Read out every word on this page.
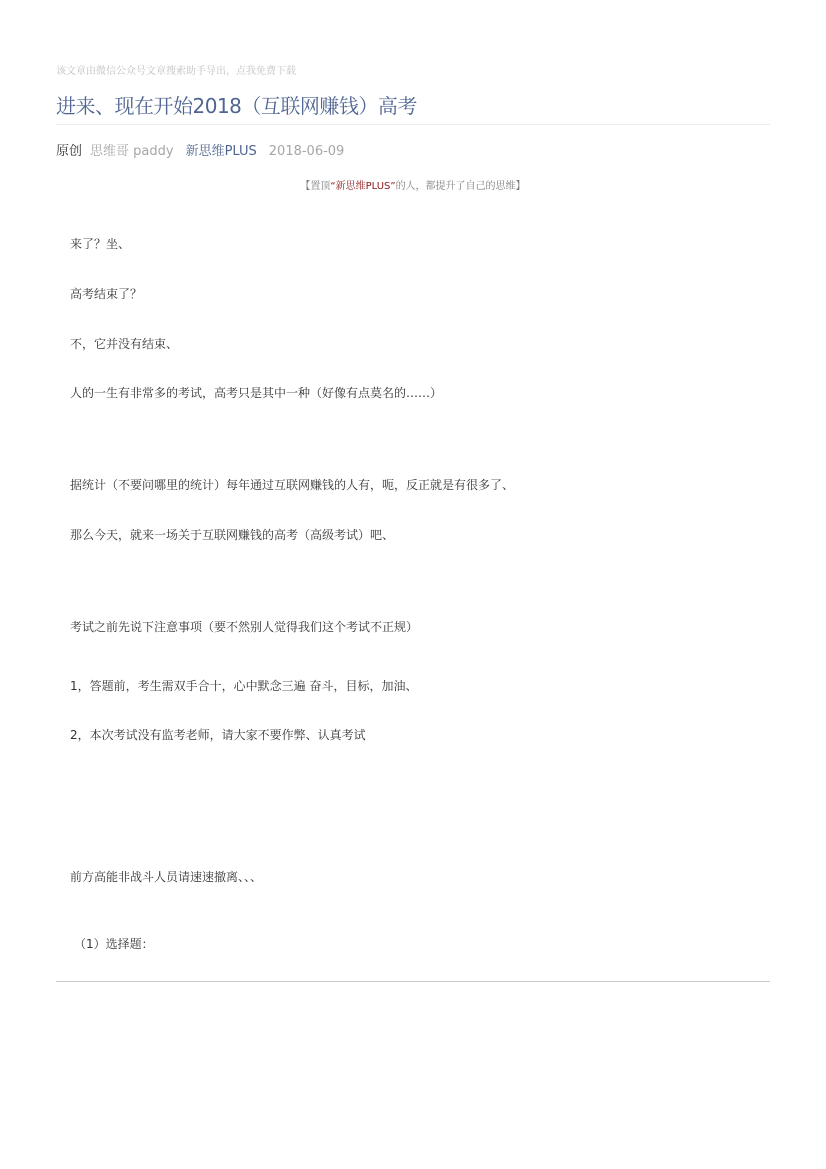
该文章由微信公众号文章搜索助手导出，点我免费下载
进来、现在开始2018（互联网赚钱）高考
原创 思维哥 paddy 新思维PLUS 2018-06-09
【置顶“新思维PLUS”的人，都提升了自己的思维】
来了？坐、
高考结束了？
不，它并没有结束、
人的一生有非常多的考试，高考只是其中一种（好像有点莫名的……）
据统计（不要问哪里的统计）每年通过互联网赚钱的人有，呃，反正就是有很多了、
那么今天，就来一场关于互联网赚钱的高考（高级考试）吧、
考试之前先说下注意事项（要不然别人觉得我们这个考试不正规）
1，答题前，考生需双手合十，心中默念三遍 奋斗，目标，加油、
2，本次考试没有监考老师，请大家不要作弊、认真考试
前方高能非战斗人员请速速撤离、、、
（1）选择题：
